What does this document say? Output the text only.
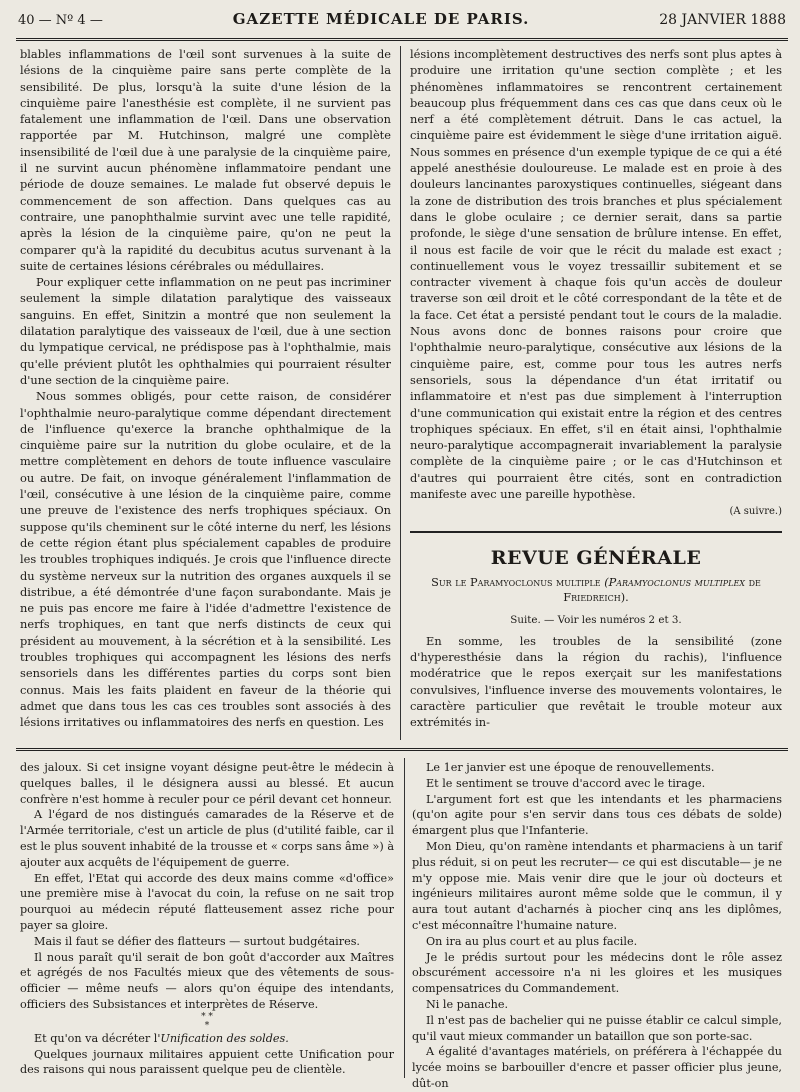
40 — Nº 4 —	GAZETTE MÉDICALE DE PARIS.	28 JANVIER 1888

blables inflammations de l'œil sont survenues à la suite de lésions de la cinquième paire sans perte complète de la sensibilité. De plus, lorsqu'à la suite d'une lésion de la cinquième paire l'anesthésie est complète, il ne survient pas fatalement une inflammation de l'œil. Dans une observation rapportée par M. Hutchinson, malgré une complète insensibilité de l'œil due à une paralysie de la cinquième paire, il ne survint aucun phénomène inflammatoire pendant une période de douze semaines. Le malade fut observé depuis le commencement de son affection. Dans quelques cas au contraire, une panophthalmie survint avec une telle rapidité, après la lésion de la cinquième paire, qu'on ne peut la comparer qu'à la rapidité du decubitus acutus survenant à la suite de certaines lésions cérébrales ou médullaires.

Pour expliquer cette inflammation on ne peut pas incriminer seulement la simple dilatation paralytique des vaisseaux sanguins. En effet, Sinitzin a montré que non seulement la dilatation paralytique des vaisseaux de l'œil, due à une section du lympatique cervical, ne prédispose pas à l'ophthalmie, mais qu'elle prévient plutôt les ophthalmies qui pourraient résulter d'une section de la cinquième paire.

Nous sommes obligés, pour cette raison, de considérer l'ophthalmie neuro-paralytique comme dépendant directement de l'influence qu'exerce la branche ophthalmique de la cinquième paire sur la nutrition du globe oculaire, et de la mettre complètement en dehors de toute influence vasculaire ou autre. De fait, on invoque généralement l'inflammation de l'œil, consécutive à une lésion de la cinquième paire, comme une preuve de l'existence des nerfs trophiques spéciaux. On suppose qu'ils cheminent sur le côté interne du nerf, les lésions de cette région étant plus spécialement capables de produire les troubles trophiques indiqués. Je crois que l'influence directe du système nerveux sur la nutrition des organes auxquels il se distribue, a été démontrée d'une façon surabondante. Mais je ne puis pas encore me faire à l'idée d'admettre l'existence de nerfs trophiques, en tant que nerfs distincts de ceux qui président au mouvement, à la sécrétion et à la sensibilité. Les troubles trophiques qui accompagnent les lésions des nerfs sensoriels dans les différentes parties du corps sont bien connus. Mais les faits plaident en faveur de la théorie qui admet que dans tous les cas ces troubles sont associés à des lésions irritatives ou inflammatoires des nerfs en question. Les

lésions incomplètement destructives des nerfs sont plus aptes à produire une irritation qu'une section complète ; et les phénomènes inflammatoires se rencontrent certainement beaucoup plus fréquemment dans ces cas que dans ceux où le nerf a été complètement détruit. Dans le cas actuel, la cinquième paire est évidemment le siège d'une irritation aiguë. Nous sommes en présence d'un exemple typique de ce qui a été appelé anesthésie douloureuse. Le malade est en proie à des douleurs lancinantes paroxystiques continuelles, siégeant dans la zone de distribution des trois branches et plus spécialement dans le globe oculaire ; ce dernier serait, dans sa partie profonde, le siège d'une sensation de brûlure intense. En effet, il nous est facile de voir que le récit du malade est exact ; continuellement vous le voyez tressaillir subitement et se contracter vivement à chaque fois qu'un accès de douleur traverse son œil droit et le côté correspondant de la tête et de la face. Cet état a persisté pendant tout le cours de la maladie. Nous avons donc de bonnes raisons pour croire que l'ophthalmie neuro-paralytique, consécutive aux lésions de la cinquième paire, est, comme pour tous les autres nerfs sensoriels, sous la dépendance d'un état irritatif ou inflammatoire et n'est pas due simplement à l'interruption d'une communication qui existait entre la région et des centres trophiques spéciaux. En effet, s'il en était ainsi, l'ophthalmie neuro-paralytique accompagnerait invariablement la paralysie complète de la cinquième paire ; or le cas d'Hutchinson et d'autres qui pourraient être cités, sont en contradiction manifeste avec une pareille hypothèse.

(A suivre.)
REVUE GÉNÉRALE
Sur le Paramyoclonus multiple (Paramyoclonus multiplex de Friedreich).
Suite. — Voir les numéros 2 et 3.

En somme, les troubles de la sensibilité (zone d'hyperesthésie dans la région du rachis), l'influence modératrice que le repos exerçait sur les manifestations convulsives, l'influence inverse des mouvements volontaires, le caractère particulier que revêtait le trouble moteur aux extrémités in-

des jaloux. Si cet insigne voyant désigne peut-être le médecin à quelques balles, il le désignera aussi au blessé. Et aucun confrère n'est homme à reculer pour ce péril devant cet honneur.

A l'égard de nos distingués camarades de la Réserve et de l'Armée territoriale, c'est un article de plus (d'utilité faible, car il est le plus souvent inhabité de la trousse et « corps sans âme ») à ajouter aux acquêts de l'équipement de guerre.

En effet, l'Etat qui accorde des deux mains comme «d'office» une première mise à l'avocat du coin, la refuse on ne sait trop pourquoi au médecin réputé flatteusement assez riche pour payer sa gloire.

Mais il faut se défier des flatteurs — surtout budgétaires.

Il nous paraît qu'il serait de bon goût d'accorder aux Maîtres et agrégés de nos Facultés mieux que des vêtements de sous-officier — même neufs — alors qu'on équipe des intendants, officiers des Subsistances et interprètes de Réserve.

* *
*

Et qu'on va décréter l'Unification des soldes.

Quelques journaux militaires appuient cette Unification pour des raisons qui nous paraissent quelque peu de clientèle.

Le 1er janvier est une époque de renouvellements.

Et le sentiment se trouve d'accord avec le tirage.

L'argument fort est que les intendants et les pharmaciens (qu'on agite pour s'en servir dans tous ces débats de solde) émargent plus que l'Infanterie.

Mon Dieu, qu'on ramène intendants et pharmaciens à un tarif plus réduit, si on peut les recruter— ce qui est discutable— je ne m'y oppose mie. Mais venir dire que le jour où docteurs et ingénieurs militaires auront même solde que le commun, il y aura tout autant d'acharnés à piocher cinq ans les diplômes, c'est méconnaître l'humaine nature.

On ira au plus court et au plus facile.

Je le prédis surtout pour les médecins dont le rôle assez obscurément accessoire n'a ni les gloires et les musiques compensatrices du Commandement.

Ni le panache.

Il n'est pas de bachelier qui ne puisse établir ce calcul simple, qu'il vaut mieux commander un bataillon que son porte-sac.

A égalité d'avantages matériels, on préférera à l'échappée du lycée moins se barbouiller d'encre et passer officier plus jeune, dût-on
